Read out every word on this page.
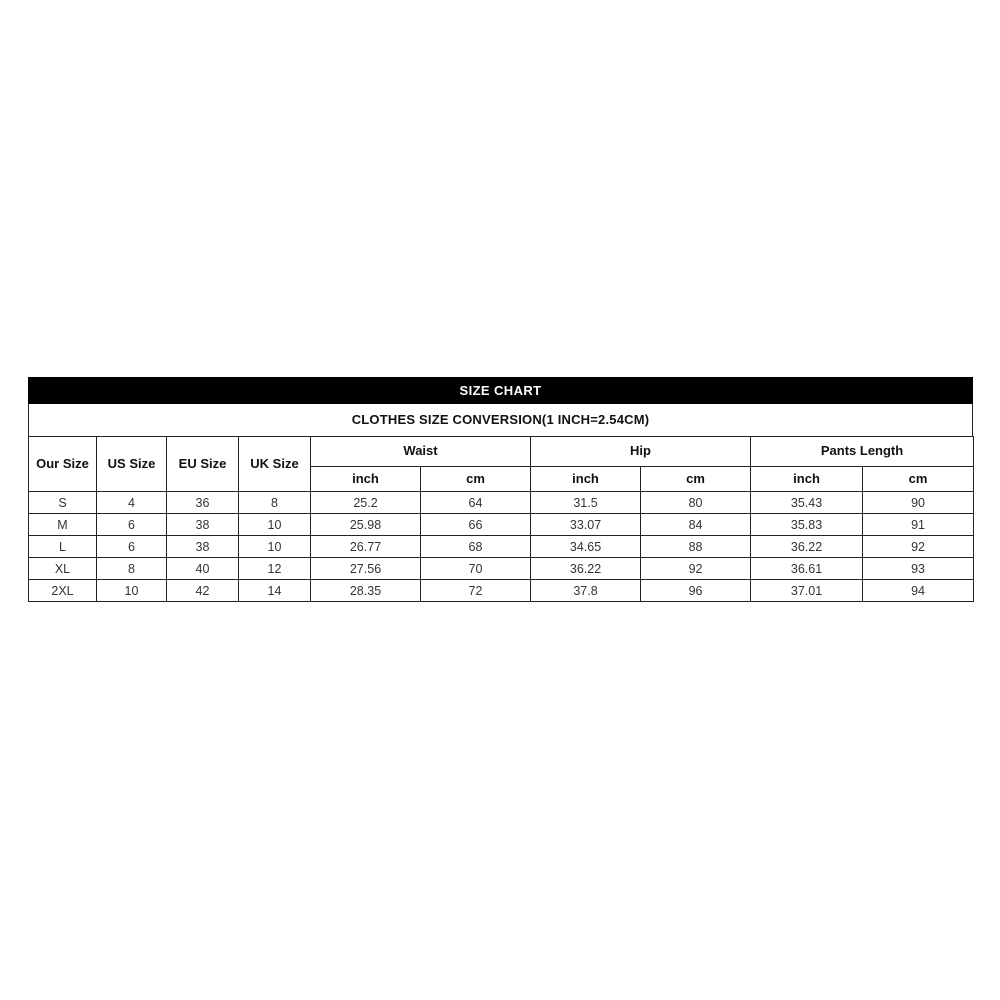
SIZE CHART
CLOTHES SIZE CONVERSION(1 INCH=2.54CM)
Our Size	US Size	EU Size	UK Size	Waist		Hip		Pants Length	
				inch	cm	inch	cm	inch	cm
S	4	36	8	25.2	64	31.5	80	35.43	90
M	6	38	10	25.98	66	33.07	84	35.83	91
L	6	38	10	26.77	68	34.65	88	36.22	92
XL	8	40	12	27.56	70	36.22	92	36.61	93
2XL	10	42	14	28.35	72	37.8	96	37.01	94
